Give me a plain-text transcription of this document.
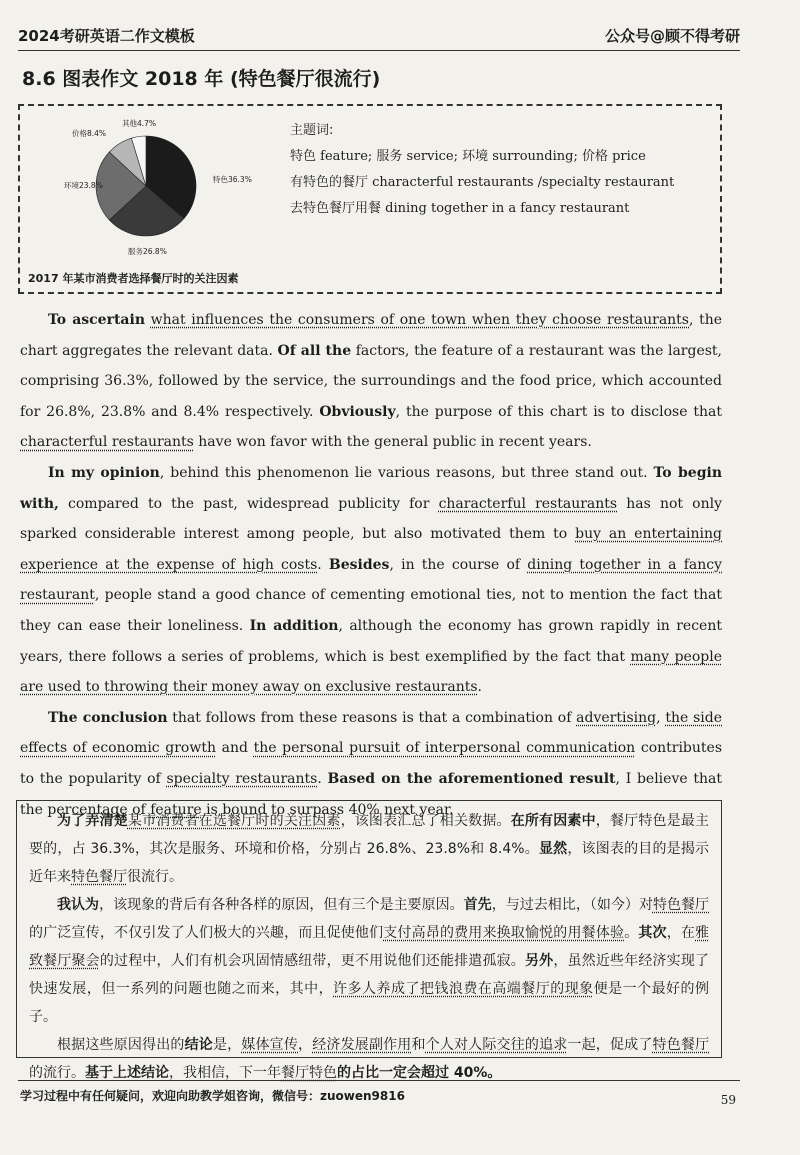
2024考研英语二作文模板	公众号@顾不得考研
8.6 图表作文 2018 年 (特色餐厅很流行)
特色36.3%
服务26.8%
环境23.8%
价格8.4%
其他4.7%
2017 年某市消费者选择餐厅时的关注因素
主题词:
特色 feature; 服务 service; 环境 surrounding; 价格 price
有特色的餐厅 characterful restaurants /specialty restaurant
去特色餐厅用餐 dining together in a fancy restaurant

To ascertain what influences the consumers of one town when they choose restaurants, the chart aggregates the relevant data. Of all the factors, the feature of a restaurant was the largest, comprising 36.3%, followed by the service, the surroundings and the food price, which accounted for 26.8%, 23.8% and 8.4% respectively. Obviously, the purpose of this chart is to disclose that characterful restaurants have won favor with the general public in recent years.

In my opinion, behind this phenomenon lie various reasons, but three stand out. To begin with, compared to the past, widespread publicity for characterful restaurants has not only sparked considerable interest among people, but also motivated them to buy an entertaining experience at the expense of high costs. Besides, in the course of dining together in a fancy restaurant, people stand a good chance of cementing emotional ties, not to mention the fact that they can ease their loneliness. In addition, although the economy has grown rapidly in recent years, there follows a series of problems, which is best exemplified by the fact that many people are used to throwing their money away on exclusive restaurants.

The conclusion that follows from these reasons is that a combination of advertising, the side effects of economic growth and the personal pursuit of interpersonal communication contributes to the popularity of specialty restaurants. Based on the aforementioned result, I believe that the percentage of feature is bound to surpass 40% next year.

为了弄清楚某市消费者在选餐厅时的关注因素，该图表汇总了相关数据。在所有因素中，餐厅特色是最主要的，占 36.3%，其次是服务、环境和价格，分别占 26.8%、23.8%和 8.4%。显然，该图表的目的是揭示近年来特色餐厅很流行。

我认为，该现象的背后有各种各样的原因，但有三个是主要原因。首先，与过去相比，（如今）对特色餐厅的广泛宣传，不仅引发了人们极大的兴趣，而且促使他们支付高昂的费用来换取愉悦的用餐体验。其次，在雅致餐厅聚会的过程中，人们有机会巩固情感纽带，更不用说他们还能排遣孤寂。另外，虽然近些年经济实现了快速发展，但一系列的问题也随之而来，其中，许多人养成了把钱浪费在高端餐厅的现象便是一个最好的例子。

根据这些原因得出的结论是，媒体宣传，经济发展副作用和个人对人际交往的追求一起，促成了特色餐厅的流行。基于上述结论，我相信，下一年餐厅特色的占比一定会超过 40%。

学习过程中有任何疑问，欢迎向助教学姐咨询，微信号：zuowen9816	59
